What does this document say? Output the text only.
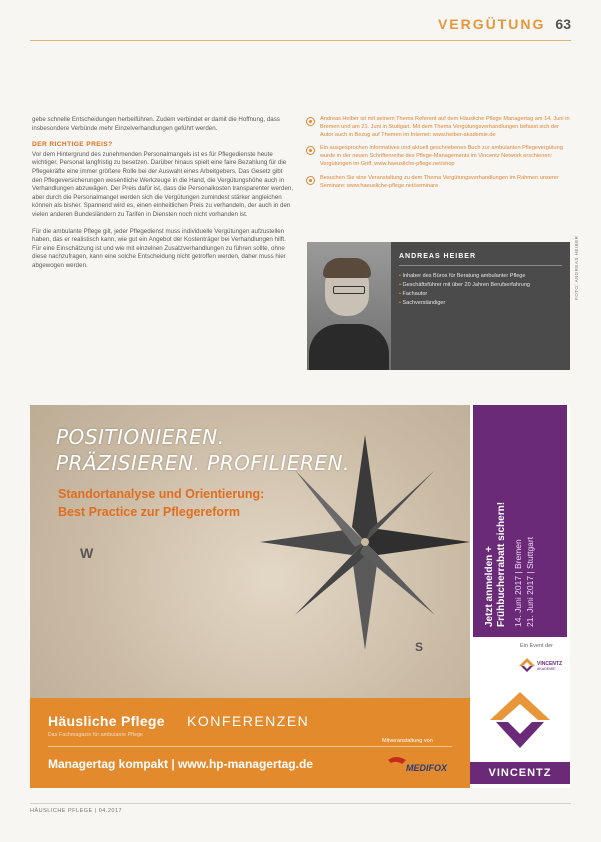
VERGÜTUNG 63

gebe schnelle Entscheidungen herbeiführen. Zudem verbindet er damit die Hoffnung, dass insbesondere Verbünde mehr Einzelverhandlungen geführt werden.

DER RICHTIGE PREIS?

Vor dem Hintergrund des zunehmenden Personalmangels ist es für Pflegedienste heute wichtiger, Personal langfristig zu besetzen. Darüber hinaus spielt eine faire Bezahlung für die Pflegekräfte eine immer größere Rolle bei der Auswahl eines Arbeitgebers. Das Gesetz gibt den Pflegeversicherungen wesentliche Werkzeuge in die Hand, die Vergütungshöhe auch in Verhandlungen abzuwägen. Der Preis dafür ist, dass die Personalkosten transparenter werden, aber durch die Personalmangel werden sich die Vergütungen zumindest stärker angleichen können als bisher. Spannend wird es, einen einheitlichen Preis zu verhandeln, der auch in den vielen anderen Bundesländern zu Tarifen in Diensten noch nicht vorhanden ist.

Für die ambulante Pflege gilt, jeder Pflegedienst muss individuelle Vergütungen aufzustellen haben, das er realistisch kann, wie gut ein Angebot der Kostenträger bei Verhandlungen hilft. Für eine Einschätzung ist und wie mit einzelnen Zusatzverhandlungen zu führen sollte, ohne diese nachzufragen, kann eine solche Entscheidung nicht getroffen werden, daher muss hier abgewogen werden.

Andreas Heiber ist mit seinem Thema Referent auf dem Häusliche Pflege Managertag am 14. Juni in Bremen und am 21. Juni in Stuttgart. Mit dem Thema Vergütungsverhandlungen befasst sich der Autor auch in Bezug auf Themen im Internet: www.heiber-akademie.de
Ein ausgesprochen informatives und aktuell geschriebenes Buch zur ambulanten Pflegevergütung wurde in der neuen Schriftenreihe des Pflege-Managements im Vincentz Network erschienen: Vergütungen im Griff, www.haeusliche-pflege.net/shop
Besuchen Sie eine Veranstaltung zu dem Thema Vergütungsverhandlungen im Rahmen unserer Seminare: www.haeusliche-pflege.net/seminare
ANDREAS HEIBER
• Inhaber des Büros für Beratung ambulanter Pflege
• Geschäftsführer mit über 20 Jahren Berufserfahrung
• Fachautor
• Sachverständiger
FOTO: ANDREAS HEIBER
W
S
POSITIONIEREN.
PRÄZISIEREN. PROFILIEREN.
Standortanalyse und Orientierung:
Best Practice zur Pflegereform
Häusliche Pflege KONFERENZEN
Das Fachmagazin für ambulante Pflege
Managertag kompakt | www.hp-managertag.de
Mitveranstaltung von
MEDIFOX
Jetzt anmelden + Frühbucherrabatt sichern! 14. Juni 2017 | Bremen 21. Juni 2017 | Stuttgart
Ein Event der
VINCENTZ
AKADEMIE
VINCENTZ
HÄUSLICHE PFLEGE | 04.2017
